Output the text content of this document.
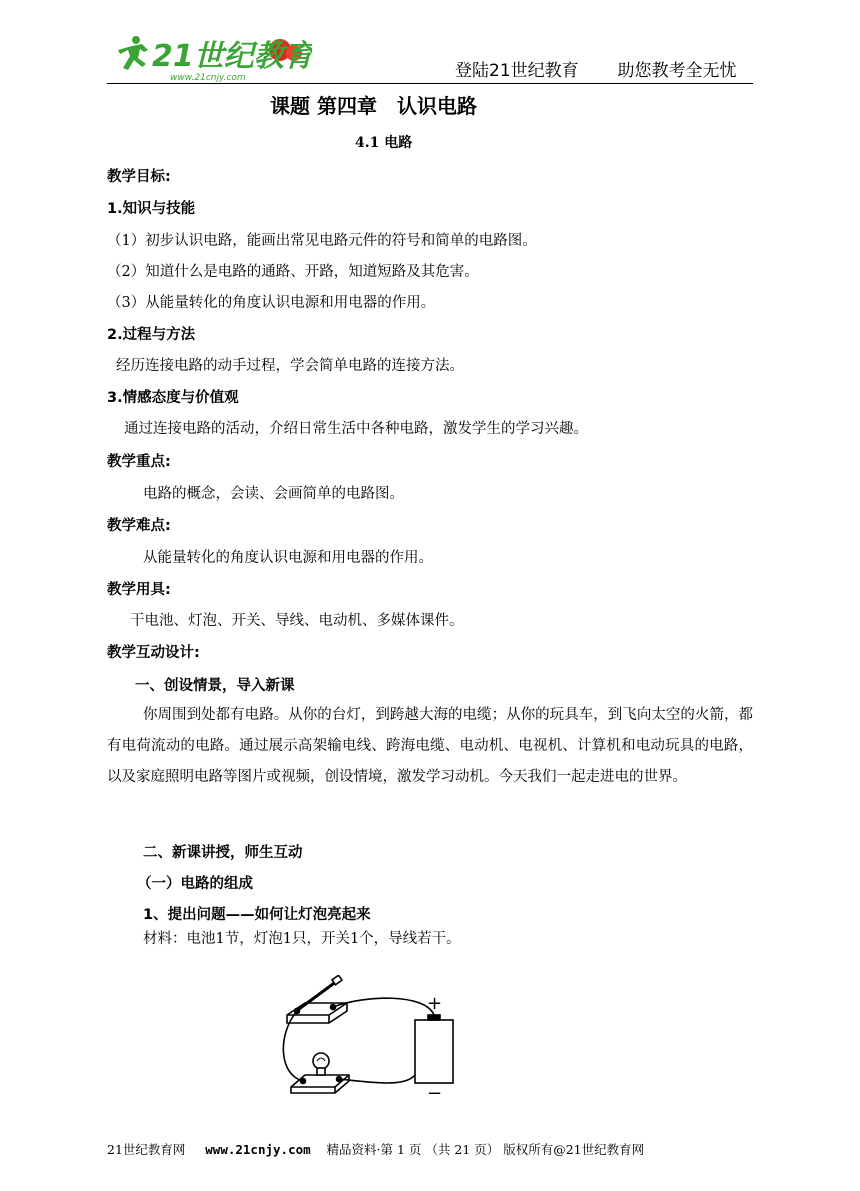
21世纪教育
www.21cnjy.com	登陆21世纪教育 助您教考全无忧
课题 第四章　认识电路
4.1 电路
教学目标:
1.知识与技能
（1）初步认识电路，能画出常见电路元件的符号和简单的电路图。
（2）知道什么是电路的通路、开路，知道短路及其危害。
（3）从能量转化的角度认识电源和用电器的作用。
2.过程与方法
经历连接电路的动手过程，学会简单电路的连接方法。
3.情感态度与价值观
通过连接电路的活动，介绍日常生活中各种电路，激发学生的学习兴趣。
教学重点:
电路的概念，会读、会画简单的电路图。
教学难点:
从能量转化的角度认识电源和用电器的作用。
教学用具:
干电池、灯泡、开关、导线、电动机、多媒体课件。
教学互动设计:
一、创设情景，导入新课

你周围到处都有电路。从你的台灯，到跨越大海的电缆；从你的玩具车，到飞向太空的火箭，都有电荷流动的电路。通过展示高架输电线、跨海电缆、电动机、电视机、计算机和电动玩具的电路，以及家庭照明电路等图片或视频，创设情境，激发学习动机。今天我们一起走进电的世界。

二、新课讲授，师生互动
（一）电路的组成
1、提出问题——如何让灯泡亮起来
材料：电池1节，灯泡1只，开关1个，导线若干。
+
−
21世纪教育网 www.21cnjy.com 精品资料·第 1 页 （共 21 页） 版权所有@21世纪教育网
